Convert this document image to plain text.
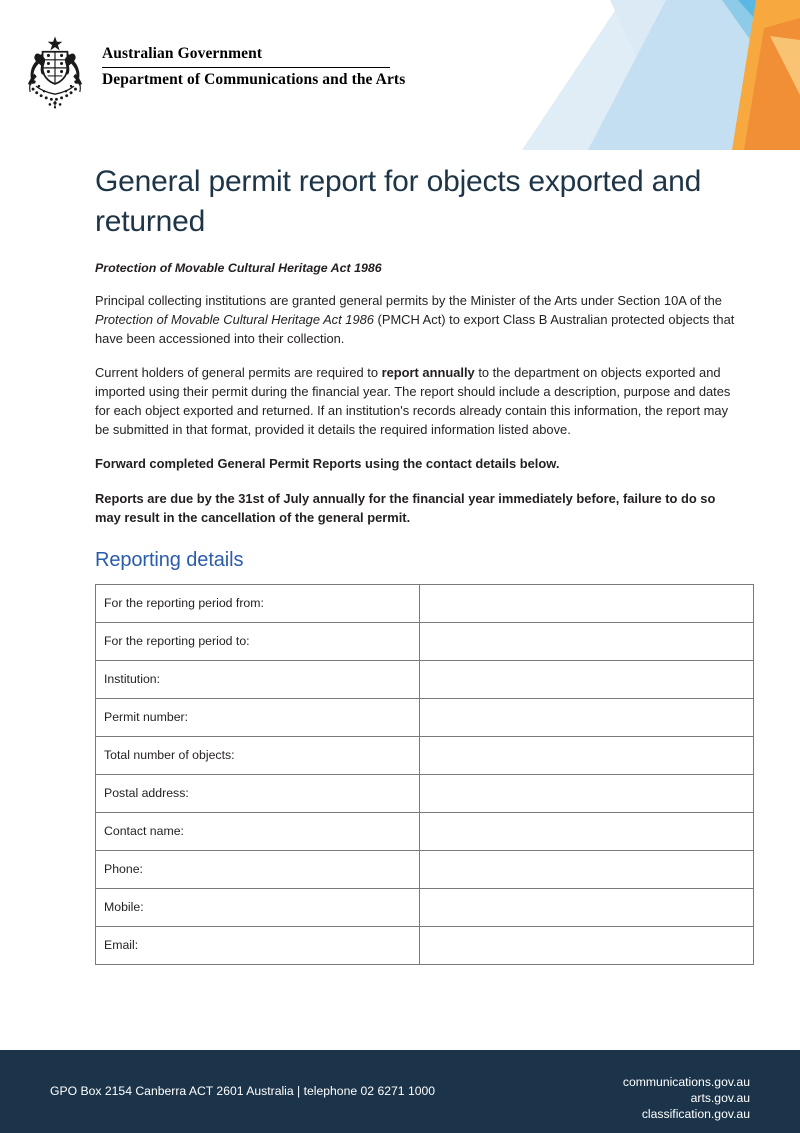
Australian Government
Department of Communications and the Arts
General permit report for objects exported and returned

Protection of Movable Cultural Heritage Act 1986

Principal collecting institutions are granted general permits by the Minister of the Arts under Section 10A of the Protection of Movable Cultural Heritage Act 1986 (PMCH Act) to export Class B Australian protected objects that have been accessioned into their collection.

Current holders of general permits are required to report annually to the department on objects exported and imported using their permit during the financial year. The report should include a description, purpose and dates for each object exported and returned. If an institution's records already contain this information, the report may be submitted in that format, provided it details the required information listed above.

Forward completed General Permit Reports using the contact details below.

Reports are due by the 31st of July annually for the financial year immediately before, failure to do so may result in the cancellation of the general permit.

Reporting details
For the reporting period from:	
For the reporting period to:	
Institution:	
Permit number:	
Total number of objects:	
Postal address:	
Contact name:	
Phone:	
Mobile:	
Email:	
GPO Box 2154 Canberra ACT 2601 Australia | telephone 02 6271 1000
communications.gov.au
arts.gov.au
classification.gov.au
